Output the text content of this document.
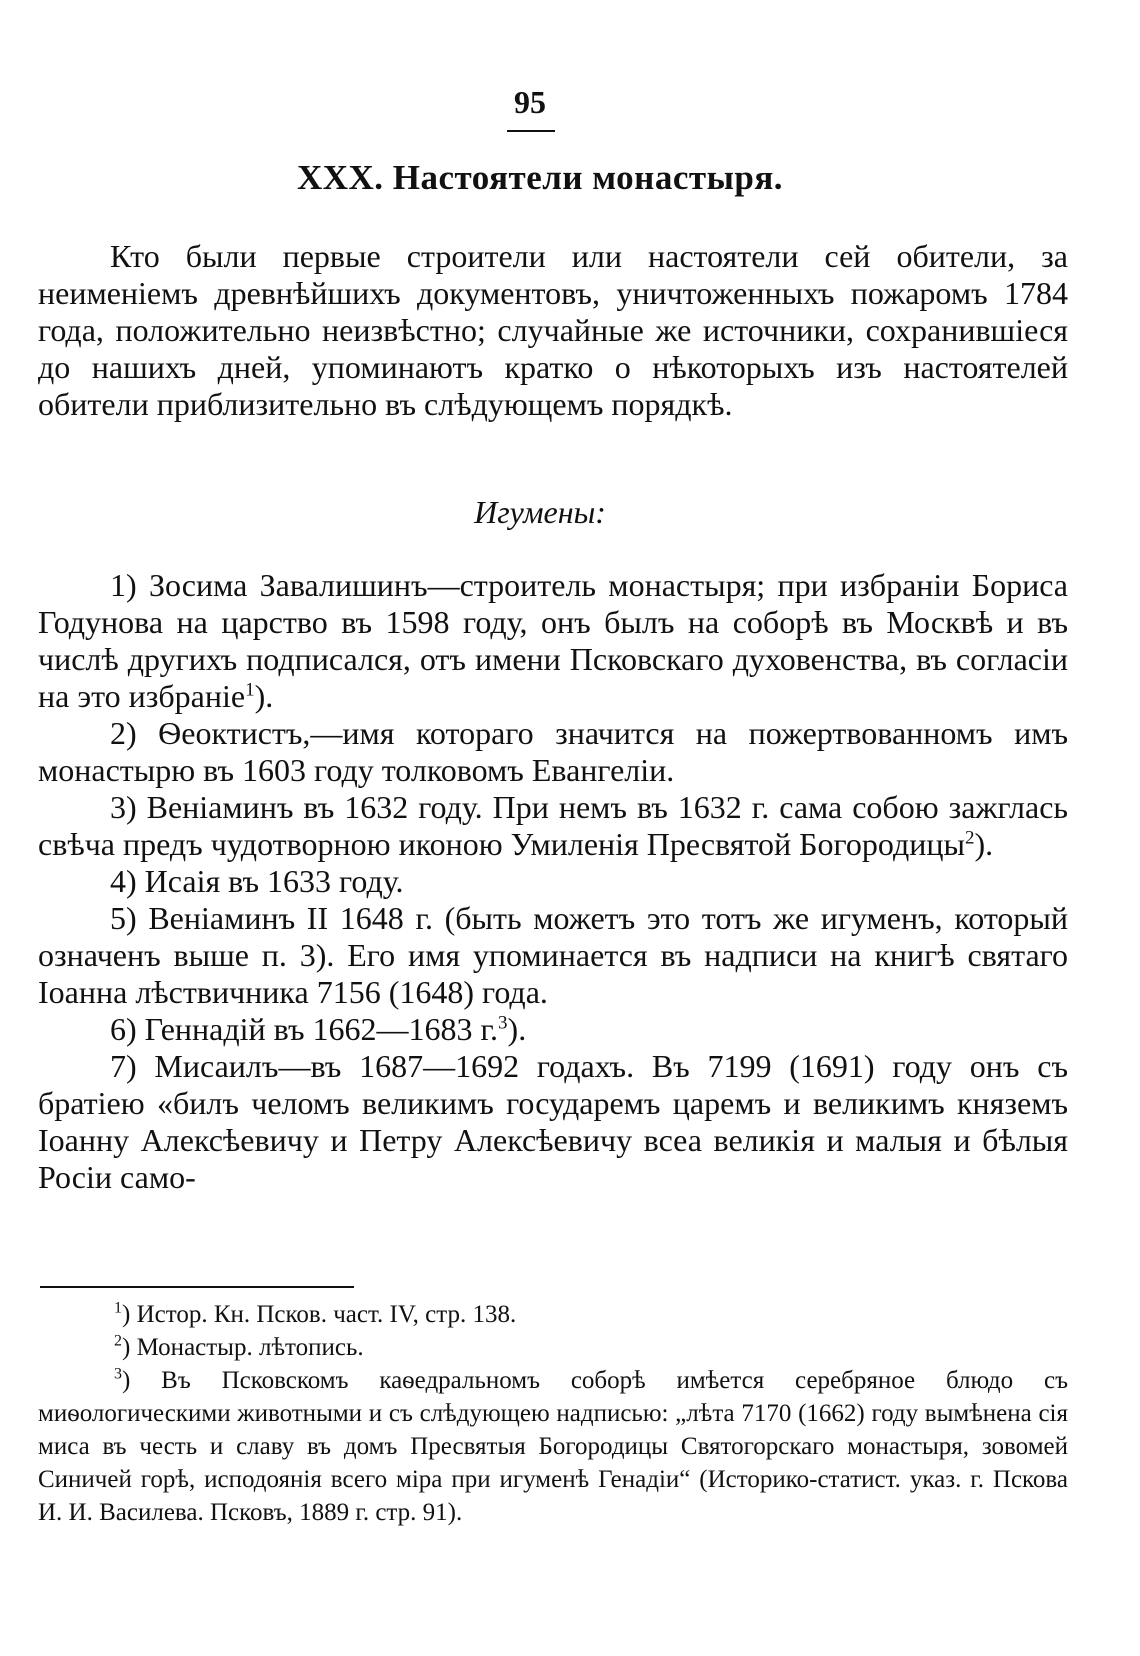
95
XXX. Настоятели монастыря.

Кто были первые строители или настоятели сей обители, за неименіемъ древнѣйшихъ документовъ, уничтоженныхъ пожаромъ 1784 года, положительно неизвѣстно; случайные же источники, сохранившіеся до нашихъ дней, упоминаютъ кратко о нѣкоторыхъ изъ настоятелей обители приблизительно въ слѣдующемъ порядкѣ.

Игумены:

1) Зосима Завалишинъ—строитель монастыря; при избраніи Бориса Годунова на царство въ 1598 году, онъ былъ на соборѣ въ Москвѣ и въ числѣ другихъ подписался, отъ имени Псковскаго духовенства, въ согласіи на это избраніе$^1$).

2) Ѳеоктистъ,—имя котораго значится на пожертвованномъ имъ монастырю въ 1603 году толковомъ Евангеліи.

3) Веніаминъ въ 1632 году. При немъ въ 1632 г. сама собою зажглась свѣча предъ чудотворною иконою Умиленія Пресвятой Богородицы$^2$).

4) Исаія въ 1633 году.

5) Веніаминъ II 1648 г. (быть можетъ это тотъ же игуменъ, который означенъ выше п. 3). Его имя упоминается въ надписи на книгѣ святаго Іоанна лѣствичника 7156 (1648) года.

6) Геннадій въ 1662—1683 г.$^3$).

7) Мисаилъ—въ 1687—1692 годахъ. Въ 7199 (1691) году онъ съ братіею «билъ челомъ великимъ государемъ царемъ и великимъ княземъ Іоанну Алексѣевичу и Петру Алексѣевичу всеа великія и малыя и бѣлыя Росіи само-

$^1$) Истор. Кн. Псков. част. IV, стр. 138.

$^2$) Монастыр. лѣтопись.

$^3$) Въ Псковскомъ каѳедральномъ соборѣ имѣется серебряное блюдо съ миѳологическими животными и съ слѣдующею надписью: „лѣта 7170 (1662) году вымѣнена сія миса въ честь и славу въ домъ Пресвятыя Богородицы Святогорскаго монастыря, зовомей Синичей горѣ, исподоянія всего міра при игуменѣ Генадіи“ (Историко-статист. указ. г. Пскова И. И. Василева. Псковъ, 1889 г. стр. 91).
